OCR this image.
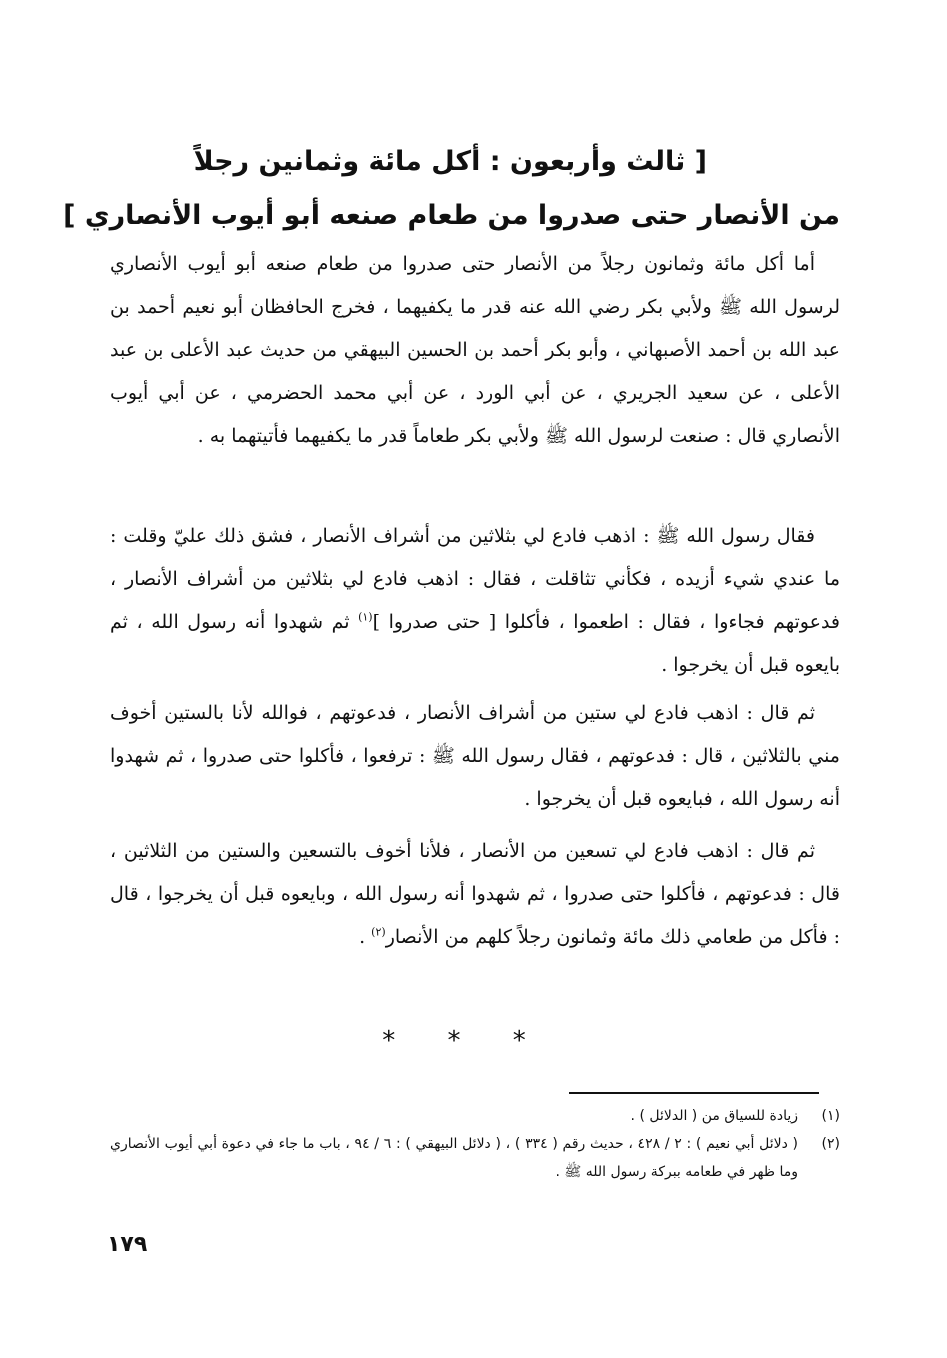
[ ثالث وأربعون : أكل مائة وثمانين رجلاً
من الأنصار حتى صدروا من طعام صنعه أبو أيوب الأنصاري ]
أما أكل مائة وثمانون رجلاً من الأنصار حتى صدروا من طعام صنعه أبو أيوب الأنصاري لرسول الله ﷺ ولأبي بكر رضي الله عنه قدر ما يكفيهما ، فخرج الحافظان أبو نعيم أحمد بن عبد الله بن أحمد الأصبهاني ، وأبو بكر أحمد بن الحسين البيهقي من حديث عبد الأعلى بن عبد الأعلى ، عن سعيد الجريري ، عن أبي الورد ، عن أبي محمد الحضرمي ، عن أبي أيوب الأنصاري قال : صنعت لرسول الله ﷺ ولأبي بكر طعاماً قدر ما يكفيهما فأتيتهما به .
فقال رسول الله ﷺ : اذهب فادع لي بثلاثين من أشراف الأنصار ، فشق ذلك عليّ وقلت : ما عندي شيء أزيده ، فكأني تثاقلت ، فقال : اذهب فادع لي بثلاثين من أشراف الأنصار ، فدعوتهم فجاءوا ، فقال : اطعموا ، فأكلوا [ حتى صدروا ]$^{(١)}$ ثم شهدوا أنه رسول الله ، ثم بايعوه قبل أن يخرجوا .
ثم قال : اذهب فادع لي ستين من أشراف الأنصار ، فدعوتهم ، فوالله لأنا بالستين أخوف مني بالثلاثين ، قال : فدعوتهم ، فقال رسول الله ﷺ : ترفعوا ، فأكلوا حتى صدروا ، ثم شهدوا أنه رسول الله ، فبايعوه قبل أن يخرجوا .
ثم قال : اذهب فادع لي تسعين من الأنصار ، فلأنا أخوف بالتسعين والستين من الثلاثين ، قال : فدعوتهم ، فأكلوا حتى صدروا ، ثم شهدوا أنه رسول الله ، وبايعوه قبل أن يخرجوا ، قال : فأكل من طعامي ذلك مائة وثمانون رجلاً كلهم من الأنصار$^{(٢)}$ .
* * *
(١)
زيادة للسياق من ( الدلائل ) .
(٢)
( دلائل أبي نعيم ) : ٢ / ٤٢٨ ، حديث رقم ( ٣٣٤ ) ، ( دلائل البيهقي ) : ٦ / ٩٤ ، باب ما جاء في دعوة أبي أيوب الأنصاري وما ظهر في طعامه ببركة رسول الله ﷺ .
١٧٩
